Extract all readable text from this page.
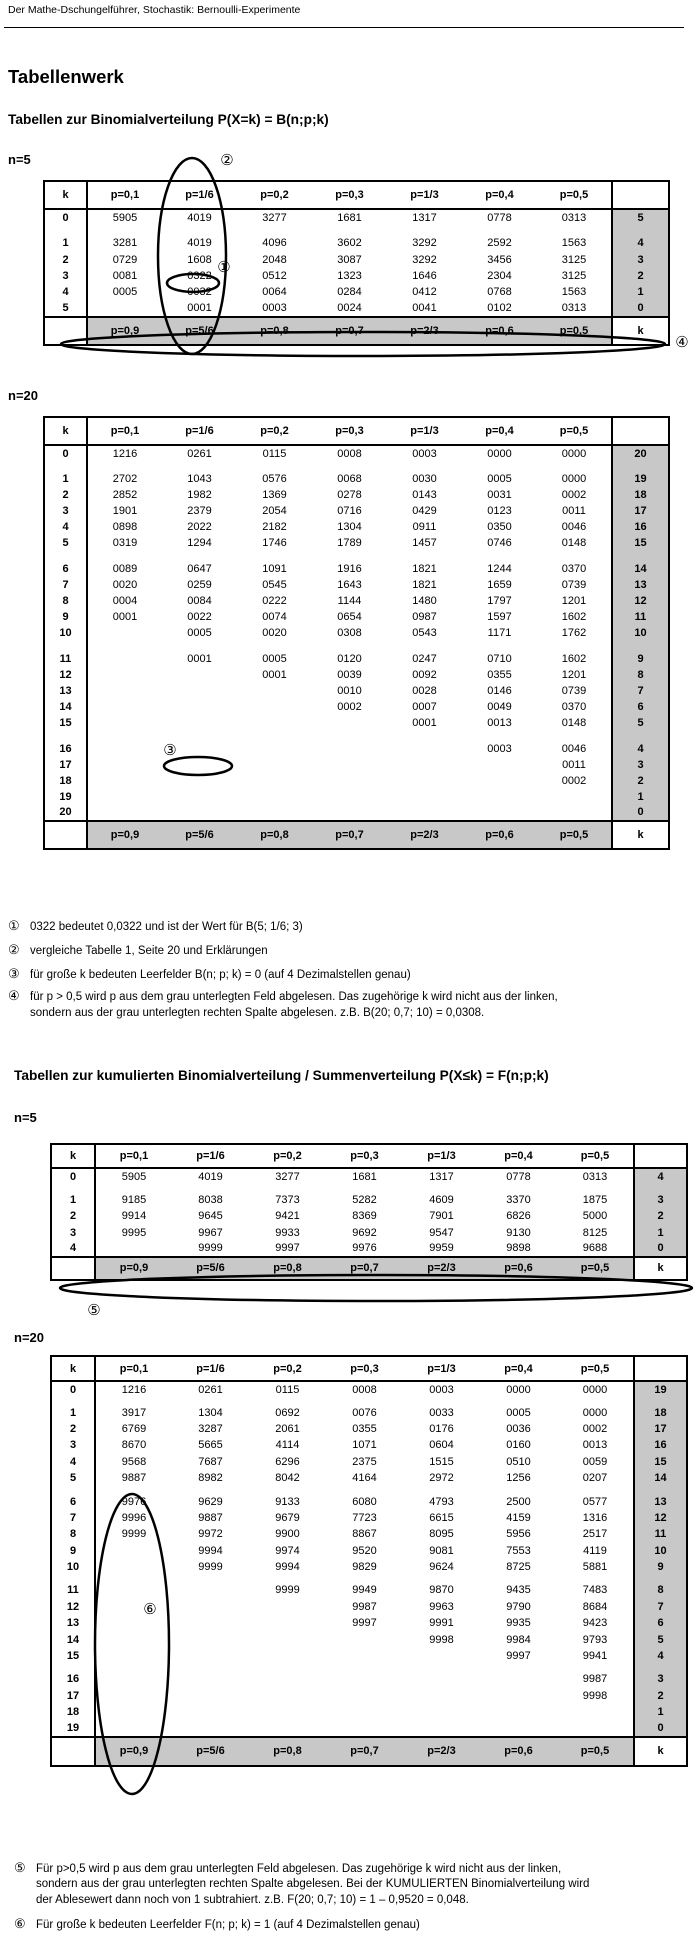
Der Mathe-Dschungelführer, Stochastik: Bernoulli-Experimente
Tabellenwerk
Tabellen zur Binomialverteilung P(X=k) = B(n;p;k)
n=5
k	p=0,1	p=1/6	p=0,2	p=0,3	p=1/3	p=0,4	p=0,5	
0	5905	4019	3277	1681	1317	0778	0313	5

1	3281	4019	4096	3602	3292	2592	1563	4
2	0729	1608	2048	3087	3292	3456	3125	3
3	0081	0322	0512	1323	1646	2304	3125	2
4	0005	0032	0064	0284	0412	0768	1563	1
5		0001	0003	0024	0041	0102	0313	0
	p=0,9	p=5/6	p=0,8	p=0,7	p=2/3	p=0,6	p=0,5	k
n=20
k	p=0,1	p=1/6	p=0,2	p=0,3	p=1/3	p=0,4	p=0,5	
0	1216	0261	0115	0008	0003	0000	0000	20

1	2702	1043	0576	0068	0030	0005	0000	19
2	2852	1982	1369	0278	0143	0031	0002	18
3	1901	2379	2054	0716	0429	0123	0011	17
4	0898	2022	2182	1304	0911	0350	0046	16
5	0319	1294	1746	1789	1457	0746	0148	15

6	0089	0647	1091	1916	1821	1244	0370	14
7	0020	0259	0545	1643	1821	1659	0739	13
8	0004	0084	0222	1144	1480	1797	1201	12
9	0001	0022	0074	0654	0987	1597	1602	11
10		0005	0020	0308	0543	1171	1762	10

11		0001	0005	0120	0247	0710	1602	9
12			0001	0039	0092	0355	1201	8
13				0010	0028	0146	0739	7
14				0002	0007	0049	0370	6
15					0001	0013	0148	5

16						0003	0046	4
17							0011	3
18							0002	2
19								1
20								0
	p=0,9	p=5/6	p=0,8	p=0,7	p=2/3	p=0,6	p=0,5	k
① 0322 bedeutet 0,0322 und ist der Wert für B(5; 1/6; 3)
② vergleiche Tabelle 1, Seite 20 und Erklärungen
③ für große k bedeuten Leerfelder B(n; p; k) = 0 (auf 4 Dezimalstellen genau)
④ für p > 0,5 wird p aus dem grau unterlegten Feld abgelesen. Das zugehörige k wird nicht aus der linken,
sondern aus der grau unterlegten rechten Spalte abgelesen. z.B. B(20; 0,7; 10) = 0,0308.
Tabellen zur kumulierten Binomialverteilung / Summenverteilung P(X≤k) = F(n;p;k)
n=5
k	p=0,1	p=1/6	p=0,2	p=0,3	p=1/3	p=0,4	p=0,5	
0	5905	4019	3277	1681	1317	0778	0313	4

1	9185	8038	7373	5282	4609	3370	1875	3
2	9914	9645	9421	8369	7901	6826	5000	2
3	9995	9967	9933	9692	9547	9130	8125	1
4		9999	9997	9976	9959	9898	9688	0
	p=0,9	p=5/6	p=0,8	p=0,7	p=2/3	p=0,6	p=0,5	k
n=20
k	p=0,1	p=1/6	p=0,2	p=0,3	p=1/3	p=0,4	p=0,5	
0	1216	0261	0115	0008	0003	0000	0000	19

1	3917	1304	0692	0076	0033	0005	0000	18
2	6769	3287	2061	0355	0176	0036	0002	17
3	8670	5665	4114	1071	0604	0160	0013	16
4	9568	7687	6296	2375	1515	0510	0059	15
5	9887	8982	8042	4164	2972	1256	0207	14

6	9976	9629	9133	6080	4793	2500	0577	13
7	9996	9887	9679	7723	6615	4159	1316	12
8	9999	9972	9900	8867	8095	5956	2517	11
9		9994	9974	9520	9081	7553	4119	10
10		9999	9994	9829	9624	8725	5881	9

11			9999	9949	9870	9435	7483	8
12				9987	9963	9790	8684	7
13				9997	9991	9935	9423	6
14					9998	9984	9793	5
15						9997	9941	4

16							9987	3
17							9998	2
18								1
19								0
	p=0,9	p=5/6	p=0,8	p=0,7	p=2/3	p=0,6	p=0,5	k
⑤ Für p>0,5 wird p aus dem grau unterlegten Feld abgelesen. Das zugehörige k wird nicht aus der linken,
sondern aus der grau unterlegten rechten Spalte abgelesen. Bei der KUMULIERTEN Binomialverteilung wird
der Ablesewert dann noch von 1 subtrahiert. z.B. F(20; 0,7; 10) = 1 – 0,9520 = 0,048.
⑥ Für große k bedeuten Leerfelder F(n; p; k) = 1 (auf 4 Dezimalstellen genau)
②
①
④
③
⑤
⑥
